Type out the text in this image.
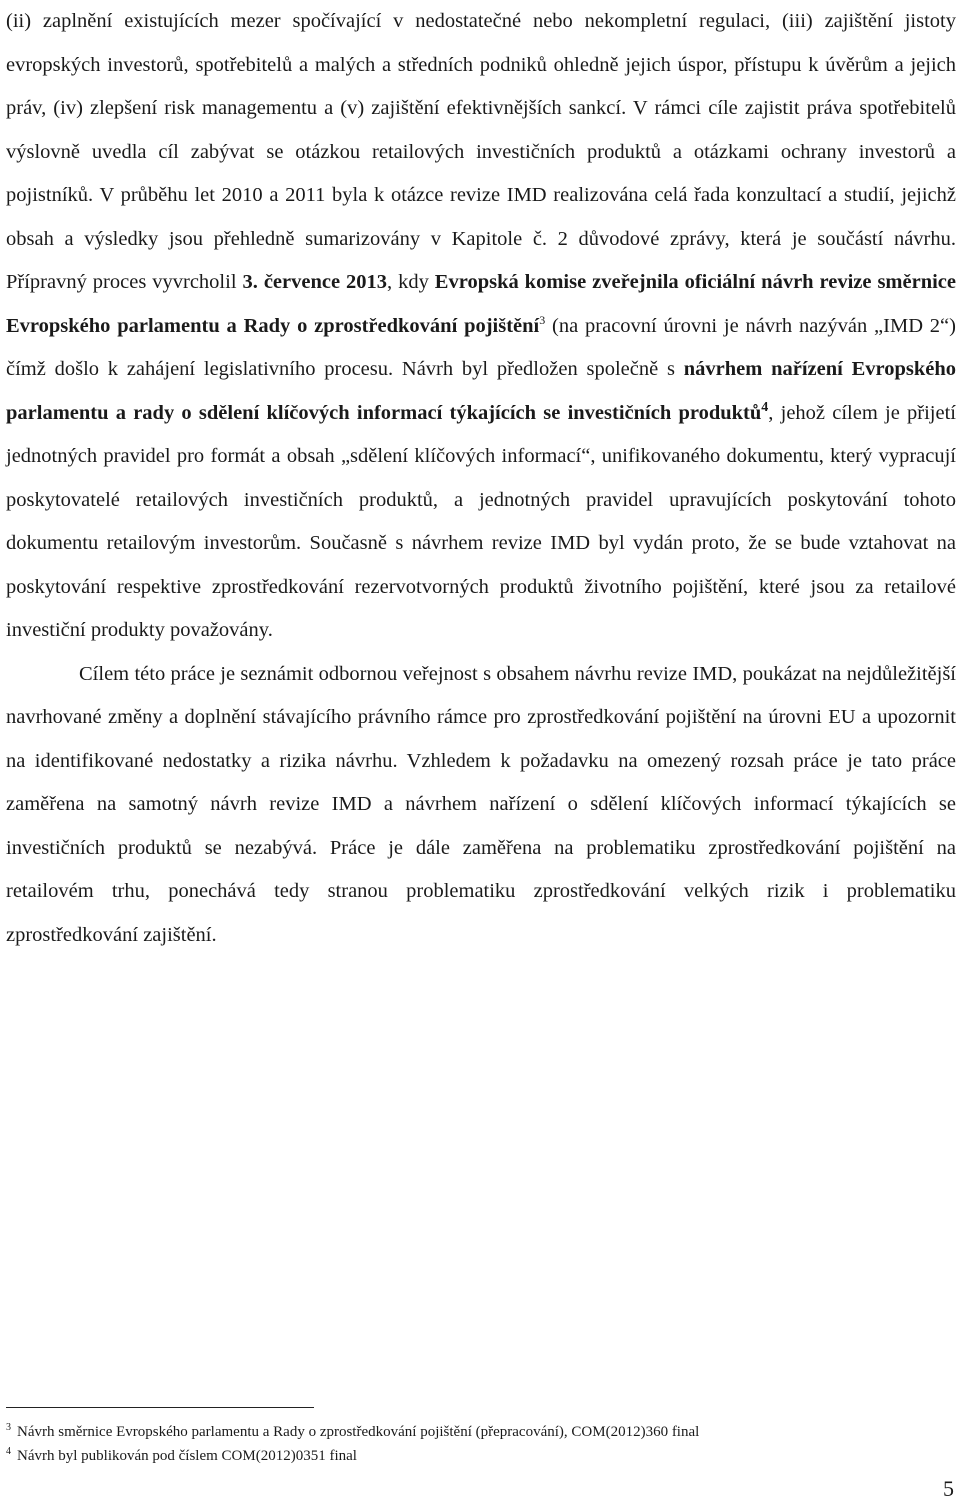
(ii) zaplnění existujících mezer spočívající v nedostatečné nebo nekompletní regulaci, (iii) zajištění jistoty evropských investorů, spotřebitelů a malých a středních podniků ohledně jejich úspor, přístupu k úvěrům a jejich práv, (iv) zlepšení risk managementu a (v) zajištění efektivnějších sankcí. V rámci cíle zajistit práva spotřebitelů výslovně uvedla cíl zabývat se otázkou retailových investičních produktů a otázkami ochrany investorů a pojistníků. V průběhu let 2010 a 2011 byla k otázce revize IMD realizována celá řada konzultací a studií, jejichž obsah a výsledky jsou přehledně sumarizovány v Kapitole č. 2 důvodové zprávy, která je součástí návrhu. Přípravný proces vyvrcholil 3. července 2013, kdy Evropská komise zveřejnila oficiální návrh revize směrnice Evropského parlamentu a Rady o zprostředkování pojištění$^3$ (na pracovní úrovni je návrh nazýván „IMD 2“) čímž došlo k zahájení legislativního procesu. Návrh byl předložen společně s návrhem nařízení Evropského parlamentu a rady o sdělení klíčových informací týkajících se investičních produktů$^4$, jehož cílem je přijetí jednotných pravidel pro formát a obsah „sdělení klíčových informací“, unifikovaného dokumentu, který vypracují poskytovatelé retailových investičních produktů, a jednotných pravidel upravujících poskytování tohoto dokumentu retailovým investorům. Současně s návrhem revize IMD byl vydán proto, že se bude vztahovat na poskytování respektive zprostředkování rezervotvorných produktů životního pojištění, které jsou za retailové investiční produkty považovány.

Cílem této práce je seznámit odbornou veřejnost s obsahem návrhu revize IMD, poukázat na nejdůležitější navrhované změny a doplnění stávajícího právního rámce pro zprostředkování pojištění na úrovni EU a upozornit na identifikované nedostatky a rizika návrhu. Vzhledem k požadavku na omezený rozsah práce je tato práce zaměřena na samotný návrh revize IMD a návrhem nařízení o sdělení klíčových informací týkajících se investičních produktů se nezabývá. Práce je dále zaměřena na problematiku zprostředkování pojištění na retailovém trhu, ponechává tedy stranou problematiku zprostředkování velkých rizik i problematiku zprostředkování zajištění.

$^3$ Návrh směrnice Evropského parlamentu a Rady o zprostředkování pojištění (přepracování), COM(2012)360 final

$^4$ Návrh byl publikován pod číslem COM(2012)0351 final

5
